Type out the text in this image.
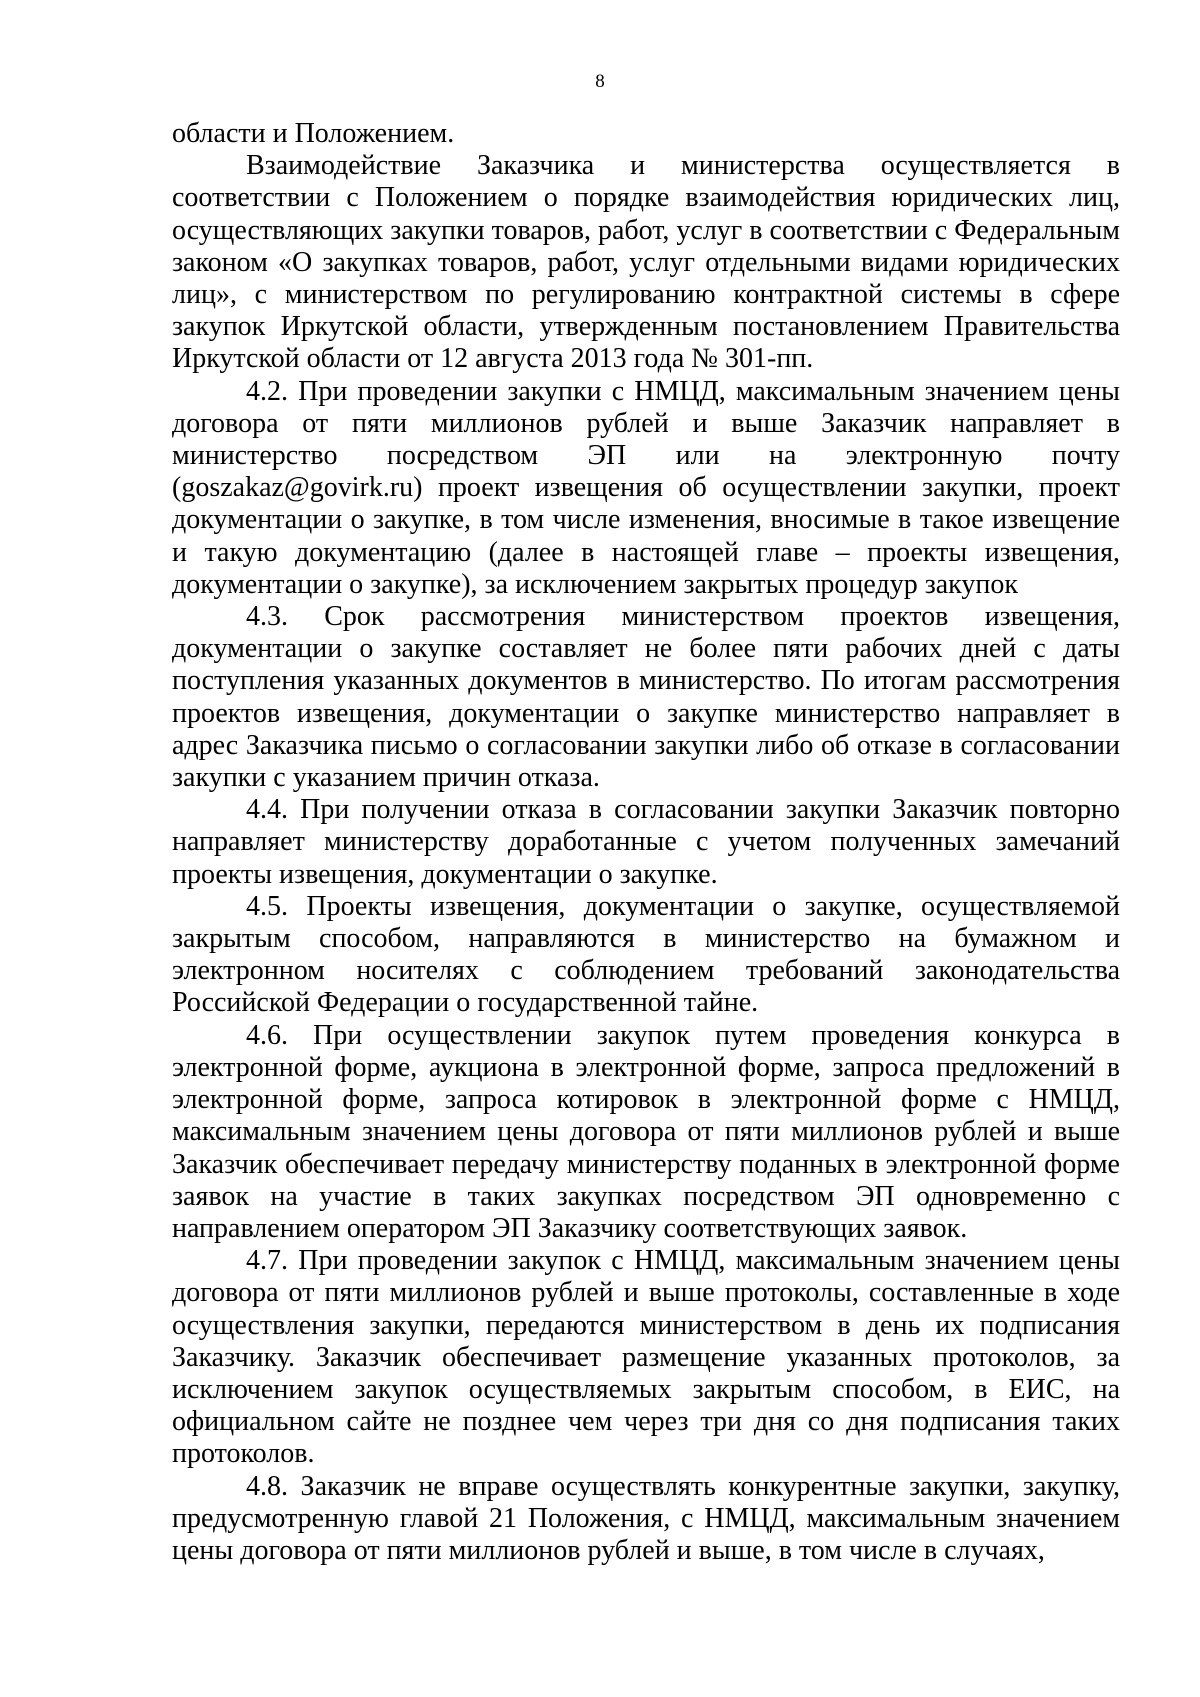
8

области и Положением.

Взаимодействие Заказчика и министерства осуществляется в соответствии с Положением о порядке взаимодействия юридических лиц, осуществляющих закупки товаров, работ, услуг в соответствии с Федеральным законом «О закупках товаров, работ, услуг отдельными видами юридических лиц», с министерством по регулированию контрактной системы в сфере закупок Иркутской области, утвержденным постановлением Правительства Иркутской области от 12 августа 2013 года № 301-пп.

4.2. При проведении закупки с НМЦД, максимальным значением цены договора от пяти миллионов рублей и выше Заказчик направляет в министерство посредством ЭП или на электронную почту (goszakaz@govirk.ru) проект извещения об осуществлении закупки, проект документации о закупке, в том числе изменения, вносимые в такое извещение и такую документацию (далее в настоящей главе – проекты извещения, документации о закупке), за исключением закрытых процедур закупок

4.3. Срок рассмотрения министерством проектов извещения, документации о закупке составляет не более пяти рабочих дней с даты поступления указанных документов в министерство. По итогам рассмотрения проектов извещения, документации о закупке министерство направляет в адрес Заказчика письмо о согласовании закупки либо об отказе в согласовании закупки с указанием причин отказа.

4.4. При получении отказа в согласовании закупки Заказчик повторно направляет министерству доработанные с учетом полученных замечаний проекты извещения, документации о закупке.

4.5. Проекты извещения, документации о закупке, осуществляемой закрытым способом, направляются в министерство на бумажном и электронном носителях с соблюдением требований законодательства Российской Федерации о государственной тайне.

4.6. При осуществлении закупок путем проведения конкурса в электронной форме, аукциона в электронной форме, запроса предложений в электронной форме, запроса котировок в электронной форме с НМЦД, максимальным значением цены договора от пяти миллионов рублей и выше Заказчик обеспечивает передачу министерству поданных в электронной форме заявок на участие в таких закупках посредством ЭП одновременно с направлением оператором ЭП Заказчику соответствующих заявок.

4.7. При проведении закупок с НМЦД, максимальным значением цены договора от пяти миллионов рублей и выше протоколы, составленные в ходе осуществления закупки, передаются министерством в день их подписания Заказчику. Заказчик обеспечивает размещение указанных протоколов, за исключением закупок осуществляемых закрытым способом, в ЕИС, на официальном сайте не позднее чем через три дня со дня подписания таких протоколов.

4.8. Заказчик не вправе осуществлять конкурентные закупки, закупку, предусмотренную главой 21 Положения, с НМЦД, максимальным значением цены договора от пяти миллионов рублей и выше, в том числе в случаях,
